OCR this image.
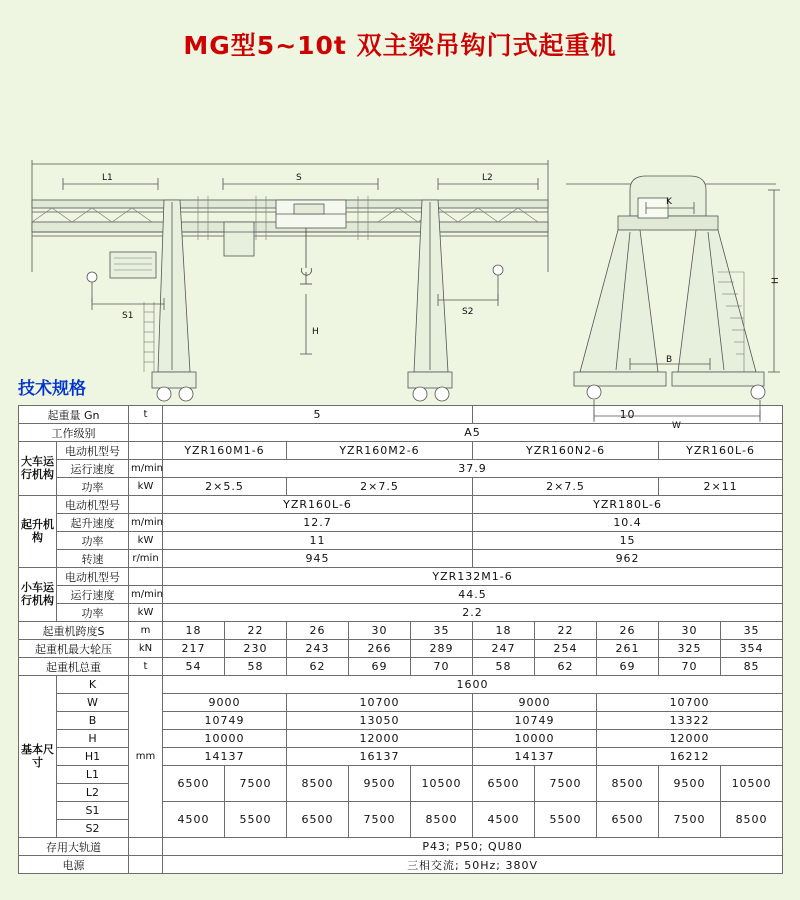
MG型5~10t 双主梁吊钩门式起重机
L1	S	L2
S1	S2
H
K
B
W
H
技术规格
起重量 Gn		t	5					10				
工作级别			A5									
大车运行机构	电动机型号		YZR160M1-6		YZR160M2-6			YZR160N2-6			YZR160L-6	
	运行速度	m/min	37.9									
	功率	kW	2×5.5		2×7.5			2×7.5			2×11	
起升机构	电动机型号		YZR160L-6					YZR180L-6				
	起升速度	m/min	12.7					10.4				
	功率	kW	11					15				
	转速	r/min	945					962				
小车运行机构	电动机型号		YZR132M1-6									
	运行速度	m/min	44.5									
	功率	kW	2.2									
起重机跨度S		m	18	22	26	30	35	18	22	26	30	35
起重机最大轮压		kN	217	230	243	266	289	247	254	261	325	354
起重机总重		t	54	58	62	69	70	58	62	69	70	85
基本尺寸	K	mm	1600									
	W		9000		10700			9000		10700		
	B		10749		13050			10749		13322		
	H		10000		12000			10000		12000		
	H1		14137		16137			14137		16212		
	L1		6500	7500	8500	9500	10500	6500	7500	8500	9500	10500
	L2											
	S1		4500	5500	6500	7500	8500	4500	5500	6500	7500	8500
	S2											
存用大轨道			P43; P50; QU80									
电源			三相交流; 50Hz; 380V									
